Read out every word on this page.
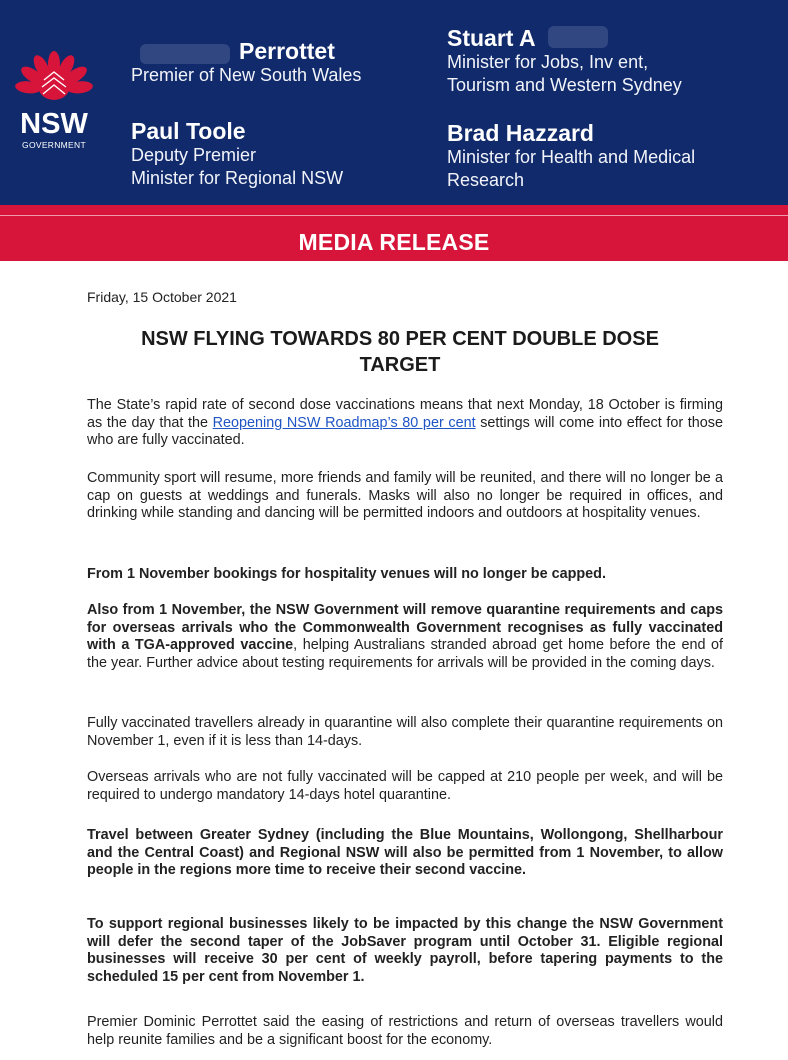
NSW
GOVERNMENT
Perrottet
Premier of New South Wales
Stuart A
Minister for Jobs, Inv ent,
Tourism and Western Sydney
Paul Toole
Deputy Premier
Minister for Regional NSW
Brad Hazzard
Minister for Health and Medical
Research
MEDIA RELEASE
Friday, 15 October 2021
NSW FLYING TOWARDS 80 PER CENT DOUBLE DOSE
TARGET
The State’s rapid rate of second dose vaccinations means that next Monday, 18 October is firming as the day that the Reopening NSW Roadmap’s 80 per cent settings will come into effect for those who are fully vaccinated.
Community sport will resume, more friends and family will be reunited, and there will no longer be a cap on guests at weddings and funerals. Masks will also no longer be required in offices, and drinking while standing and dancing will be permitted indoors and outdoors at hospitality venues.
From 1 November bookings for hospitality venues will no longer be capped.
Also from 1 November, the NSW Government will remove quarantine requirements and caps for overseas arrivals who the Commonwealth Government recognises as fully vaccinated with a TGA-approved vaccine, helping Australians stranded abroad get home before the end of the year. Further advice about testing requirements for arrivals will be provided in the coming days.
Fully vaccinated travellers already in quarantine will also complete their quarantine requirements on November 1, even if it is less than 14-days.
Overseas arrivals who are not fully vaccinated will be capped at 210 people per week, and will be required to undergo mandatory 14-days hotel quarantine.
Travel between Greater Sydney (including the Blue Mountains, Wollongong, Shellharbour and the Central Coast) and Regional NSW will also be permitted from 1 November, to allow people in the regions more time to receive their second vaccine.
To support regional businesses likely to be impacted by this change the NSW Government will defer the second taper of the JobSaver program until October 31. Eligible regional businesses will receive 30 per cent of weekly payroll, before tapering payments to the scheduled 15 per cent from November 1.
Premier Dominic Perrottet said the easing of restrictions and return of overseas travellers would help reunite families and be a significant boost for the economy.
